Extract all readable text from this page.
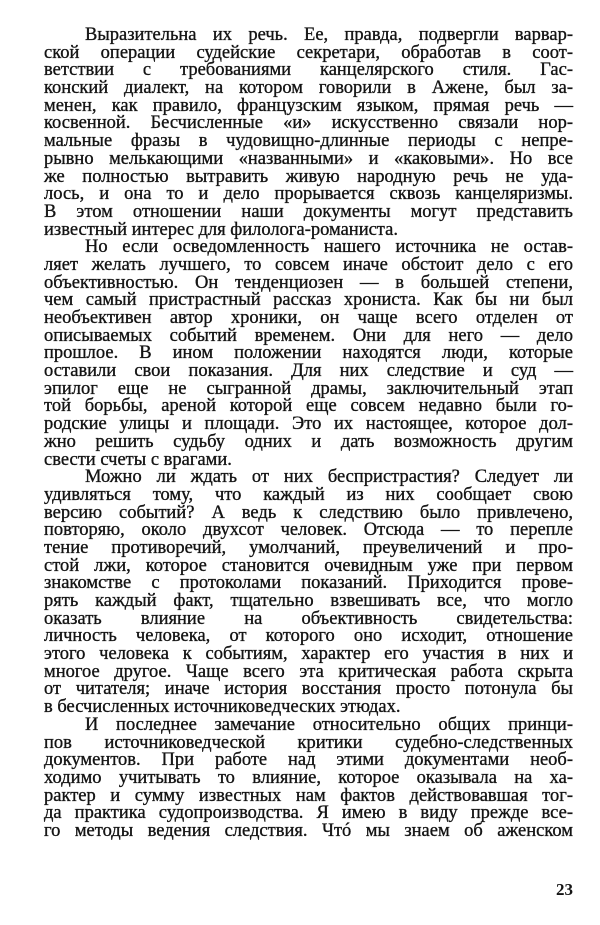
Выразительна их речь. Ее, правда, подвергли варвар-
ской операции судейские секретари, обработав в соот-
ветствии с требованиями канцелярского стиля. Гас-
конский диалект, на котором говорили в Ажене, был за-
менен, как правило, французским языком, прямая речь —
косвенной. Бесчисленные «и» искусственно связали нор-
мальные фразы в чудовищно-длинные периоды с непре-
рывно мелькающими «названными» и «каковыми». Но все
же полностью вытравить живую народную речь не уда-
лось, и она то и дело прорывается сквозь канцеляризмы.
В этом отношении наши документы могут представить
известный интерес для филолога-романиста.
Но если осведомленность нашего источника не остав-
ляет желать лучшего, то совсем иначе обстоит дело с его
объективностью. Он тенденциозен — в большей степени,
чем самый пристрастный рассказ хрониста. Как бы ни был
необъективен автор хроники, он чаще всего отделен от
описываемых событий временем. Они для него — дело
прошлое. В ином положении находятся люди, которые
оставили свои показания. Для них следствие и суд —
эпилог еще не сыгранной драмы, заключительный этап
той борьбы, ареной которой еще совсем недавно были го-
родские улицы и площади. Это их настоящее, которое дол-
жно решить судьбу одних и дать возможность другим
свести счеты с врагами.
Можно ли ждать от них беспристрастия? Следует ли
удивляться тому, что каждый из них сообщает свою
версию событий? А ведь к следствию было привлечено,
повторяю, около двухсот человек. Отсюда — то перепле
тение противоречий, умолчаний, преувеличений и про-
стой лжи, которое становится очевидным уже при первом
знакомстве с протоколами показаний. Приходится прове-
рять каждый факт, тщательно взвешивать все, что могло
оказать влияние на объективность свидетельства:
личность человека, от которого оно исходит, отношение
этого человека к событиям, характер его участия в них и
многое другое. Чаще всего эта критическая работа скрыта
от читателя; иначе история восстания просто потонула бы
в бесчисленных источниковедческих этюдах.
И последнее замечание относительно общих принци-
пов источниковедческой критики судебно-следственных
документов. При работе над этими документами необ-
ходимо учитывать то влияние, которое оказывала на ха-
рактер и сумму известных нам фактов действовавшая тог-
да практика судопроизводства. Я имею в виду прежде все-
го методы ведения следствия. Чтó мы знаем об аженском
23
